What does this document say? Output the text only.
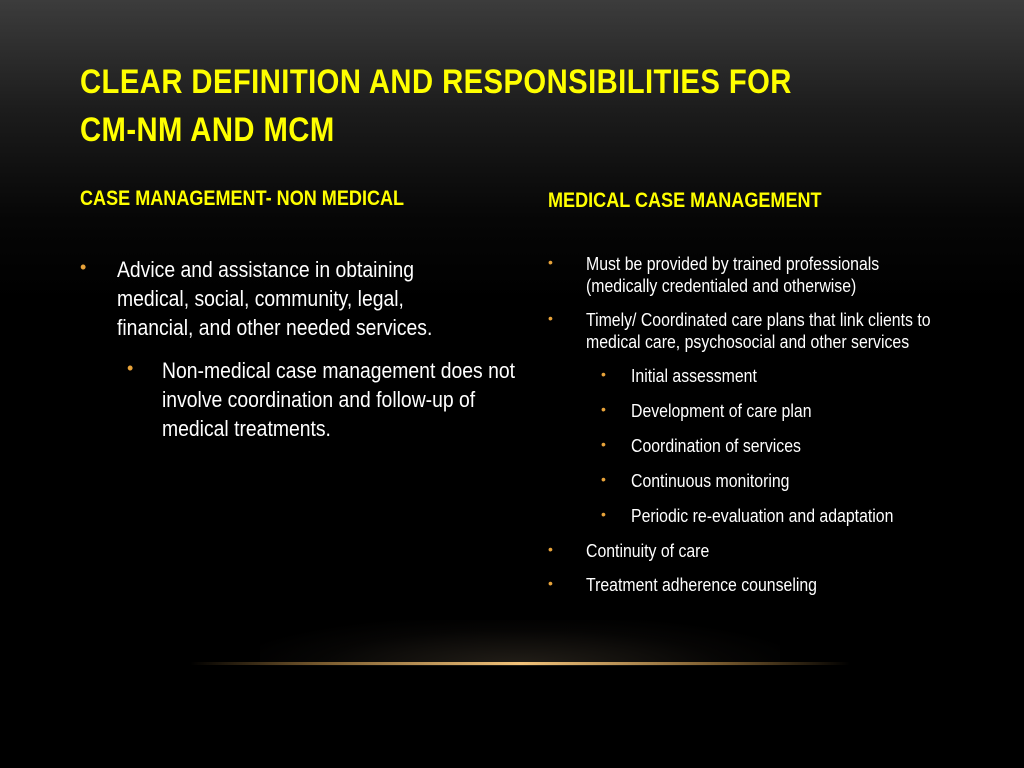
CLEAR DEFINITION AND RESPONSIBILITIES FOR CM-NM AND MCM
CASE MANAGEMENT- NON MEDICAL	MEDICAL CASE MANAGEMENT
• Advice and assistance in obtaining medical, social, community, legal, financial, and other needed services.
• Non-medical case management does not involve coordination and follow-up of medical treatments.
• Must be provided by trained professionals (medically credentialed and otherwise)
• Timely/ Coordinated care plans that link clients to medical care, psychosocial and other services
• Initial assessment
• Development of care plan
• Coordination of services
• Continuous monitoring
• Periodic re-evaluation and adaptation
• Continuity of care
• Treatment adherence counseling
